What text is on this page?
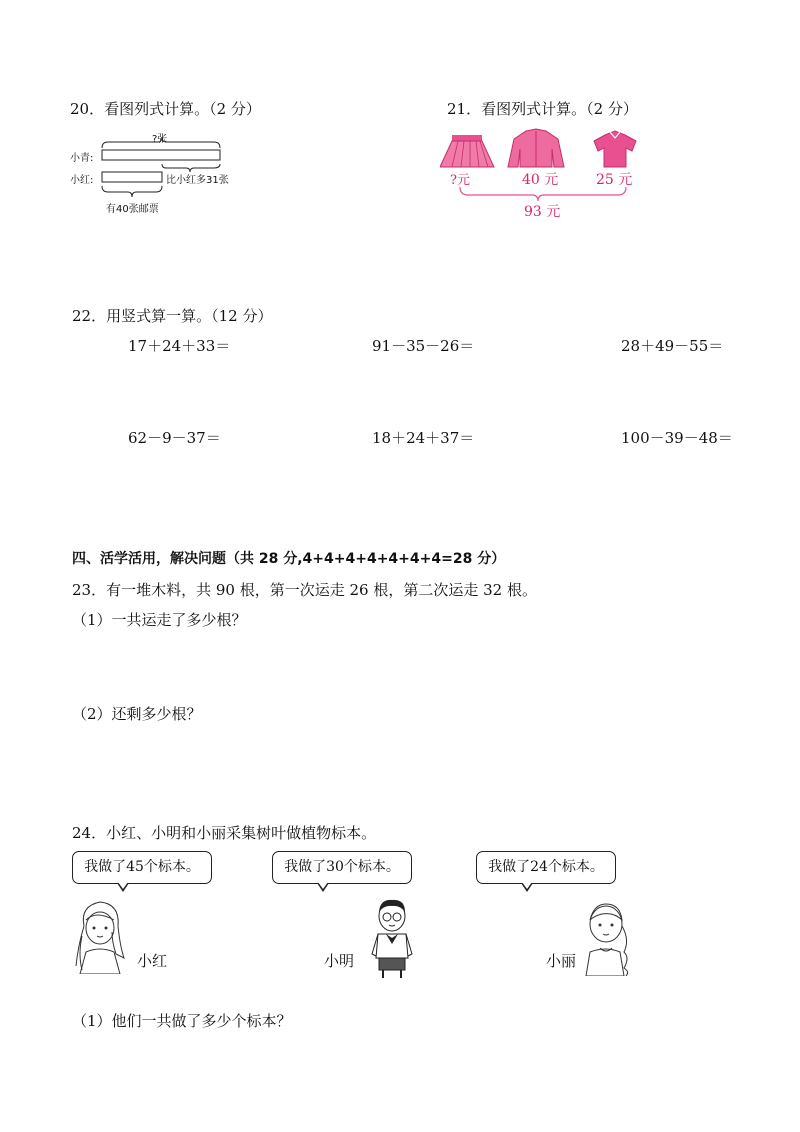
20．看图列式计算。（2 分）
?张
小青:
小红:	比小红多31张
有40张邮票
21．看图列式计算。（2 分）
?元	40 元	25 元
93 元
22．用竖式算一算。（12 分）
17＋24＋33＝	91－35－26＝	28＋49－55＝
62－9－37＝	18＋24＋37＝	100－39－48＝
四、活学活用，解决问题（共 28 分,4+4+4+4+4+4+4=28 分）
23．有一堆木料，共 90 根，第一次运走 26 根，第二次运走 32 根。
（1）一共运走了多少根？
（2）还剩多少根？
24．小红、小明和小丽采集树叶做植物标本。
我做了45个标本。	我做了30个标本。	我做了24个标本。
小红	小明	小丽
（1）他们一共做了多少个标本？
